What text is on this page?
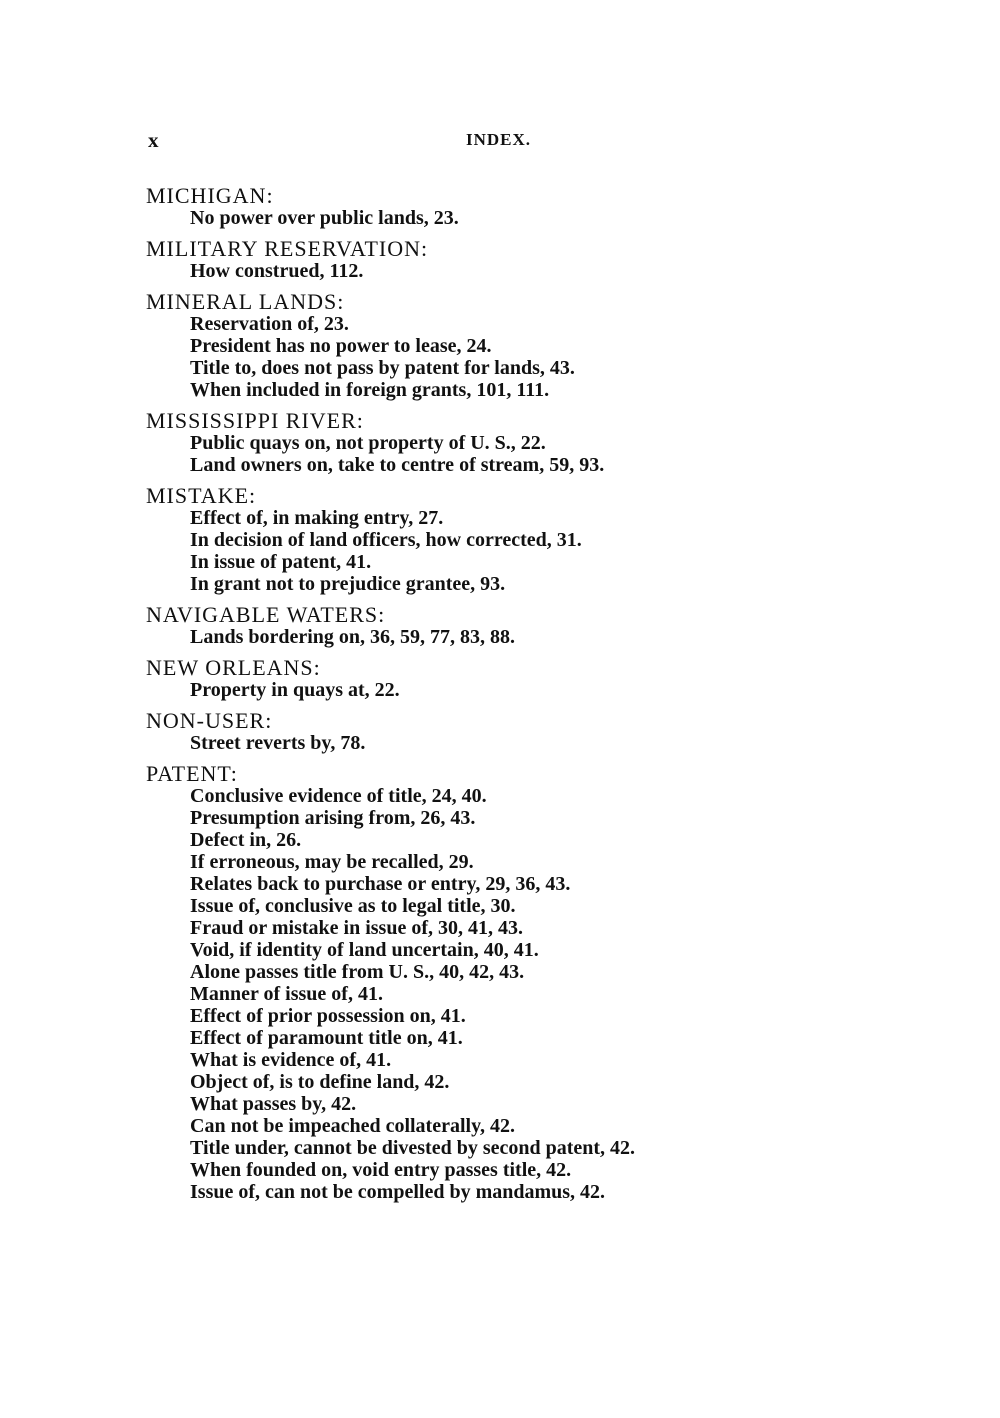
x	INDEX.
MICHIGAN:
No power over public lands, 23.
MILITARY RESERVATION:
How construed, 112.
MINERAL LANDS:
Reservation of, 23.
President has no power to lease, 24.
Title to, does not pass by patent for lands, 43.
When included in foreign grants, 101, 111.
MISSISSIPPI RIVER:
Public quays on, not property of U. S., 22.
Land owners on, take to centre of stream, 59, 93.
MISTAKE:
Effect of, in making entry, 27.
In decision of land officers, how corrected, 31.
In issue of patent, 41.
In grant not to prejudice grantee, 93.
NAVIGABLE WATERS:
Lands bordering on, 36, 59, 77, 83, 88.
NEW ORLEANS:
Property in quays at, 22.
NON-USER:
Street reverts by, 78.
PATENT:
Conclusive evidence of title, 24, 40.
Presumption arising from, 26, 43.
Defect in, 26.
If erroneous, may be recalled, 29.
Relates back to purchase or entry, 29, 36, 43.
Issue of, conclusive as to legal title, 30.
Fraud or mistake in issue of, 30, 41, 43.
Void, if identity of land uncertain, 40, 41.
Alone passes title from U. S., 40, 42, 43.
Manner of issue of, 41.
Effect of prior possession on, 41.
Effect of paramount title on, 41.
What is evidence of, 41.
Object of, is to define land, 42.
What passes by, 42.
Can not be impeached collaterally, 42.
Title under, cannot be divested by second patent, 42.
When founded on, void entry passes title, 42.
Issue of, can not be compelled by mandamus, 42.
